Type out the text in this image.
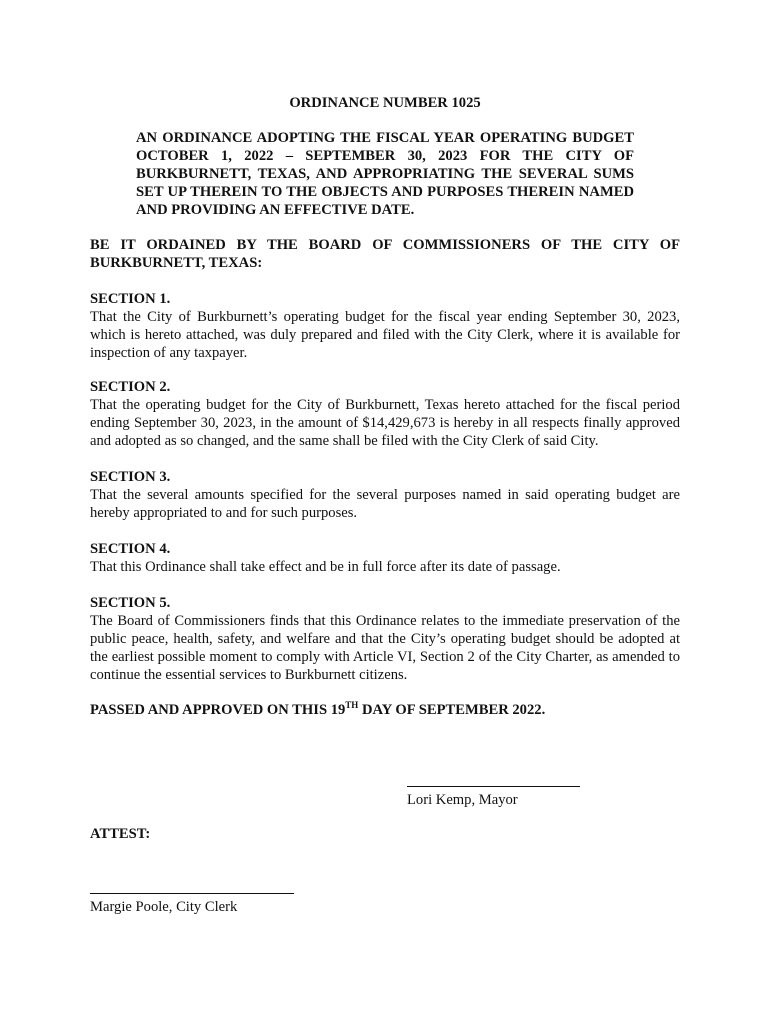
ORDINANCE NUMBER 1025
AN ORDINANCE ADOPTING THE FISCAL YEAR OPERATING BUDGET OCTOBER 1, 2022 – SEPTEMBER 30, 2023 FOR THE CITY OF BURKBURNETT, TEXAS, AND APPROPRIATING THE SEVERAL SUMS SET UP THEREIN TO THE OBJECTS AND PURPOSES THEREIN NAMED AND PROVIDING AN EFFECTIVE DATE.
BE IT ORDAINED BY THE BOARD OF COMMISSIONERS OF THE CITY OF BURKBURNETT, TEXAS:

SECTION 1.

That the City of Burkburnett’s operating budget for the fiscal year ending September 30, 2023, which is hereto attached, was duly prepared and filed with the City Clerk, where it is available for inspection of any taxpayer.

SECTION 2.

That the operating budget for the City of Burkburnett, Texas hereto attached for the fiscal period ending September 30, 2023, in the amount of $14,429,673 is hereby in all respects finally approved and adopted as so changed, and the same shall be filed with the City Clerk of said City.

SECTION 3.

That the several amounts specified for the several purposes named in said operating budget are hereby appropriated to and for such purposes.

SECTION 4.

That this Ordinance shall take effect and be in full force after its date of passage.

SECTION 5.

The Board of Commissioners finds that this Ordinance relates to the immediate preservation of the public peace, health, safety, and welfare and that the City’s operating budget should be adopted at the earliest possible moment to comply with Article VI, Section 2 of the City Charter, as amended to continue the essential services to Burkburnett citizens.

PASSED AND APPROVED ON THIS 19TH DAY OF SEPTEMBER 2022.
Lori Kemp, Mayor
ATTEST:
Margie Poole, City Clerk
